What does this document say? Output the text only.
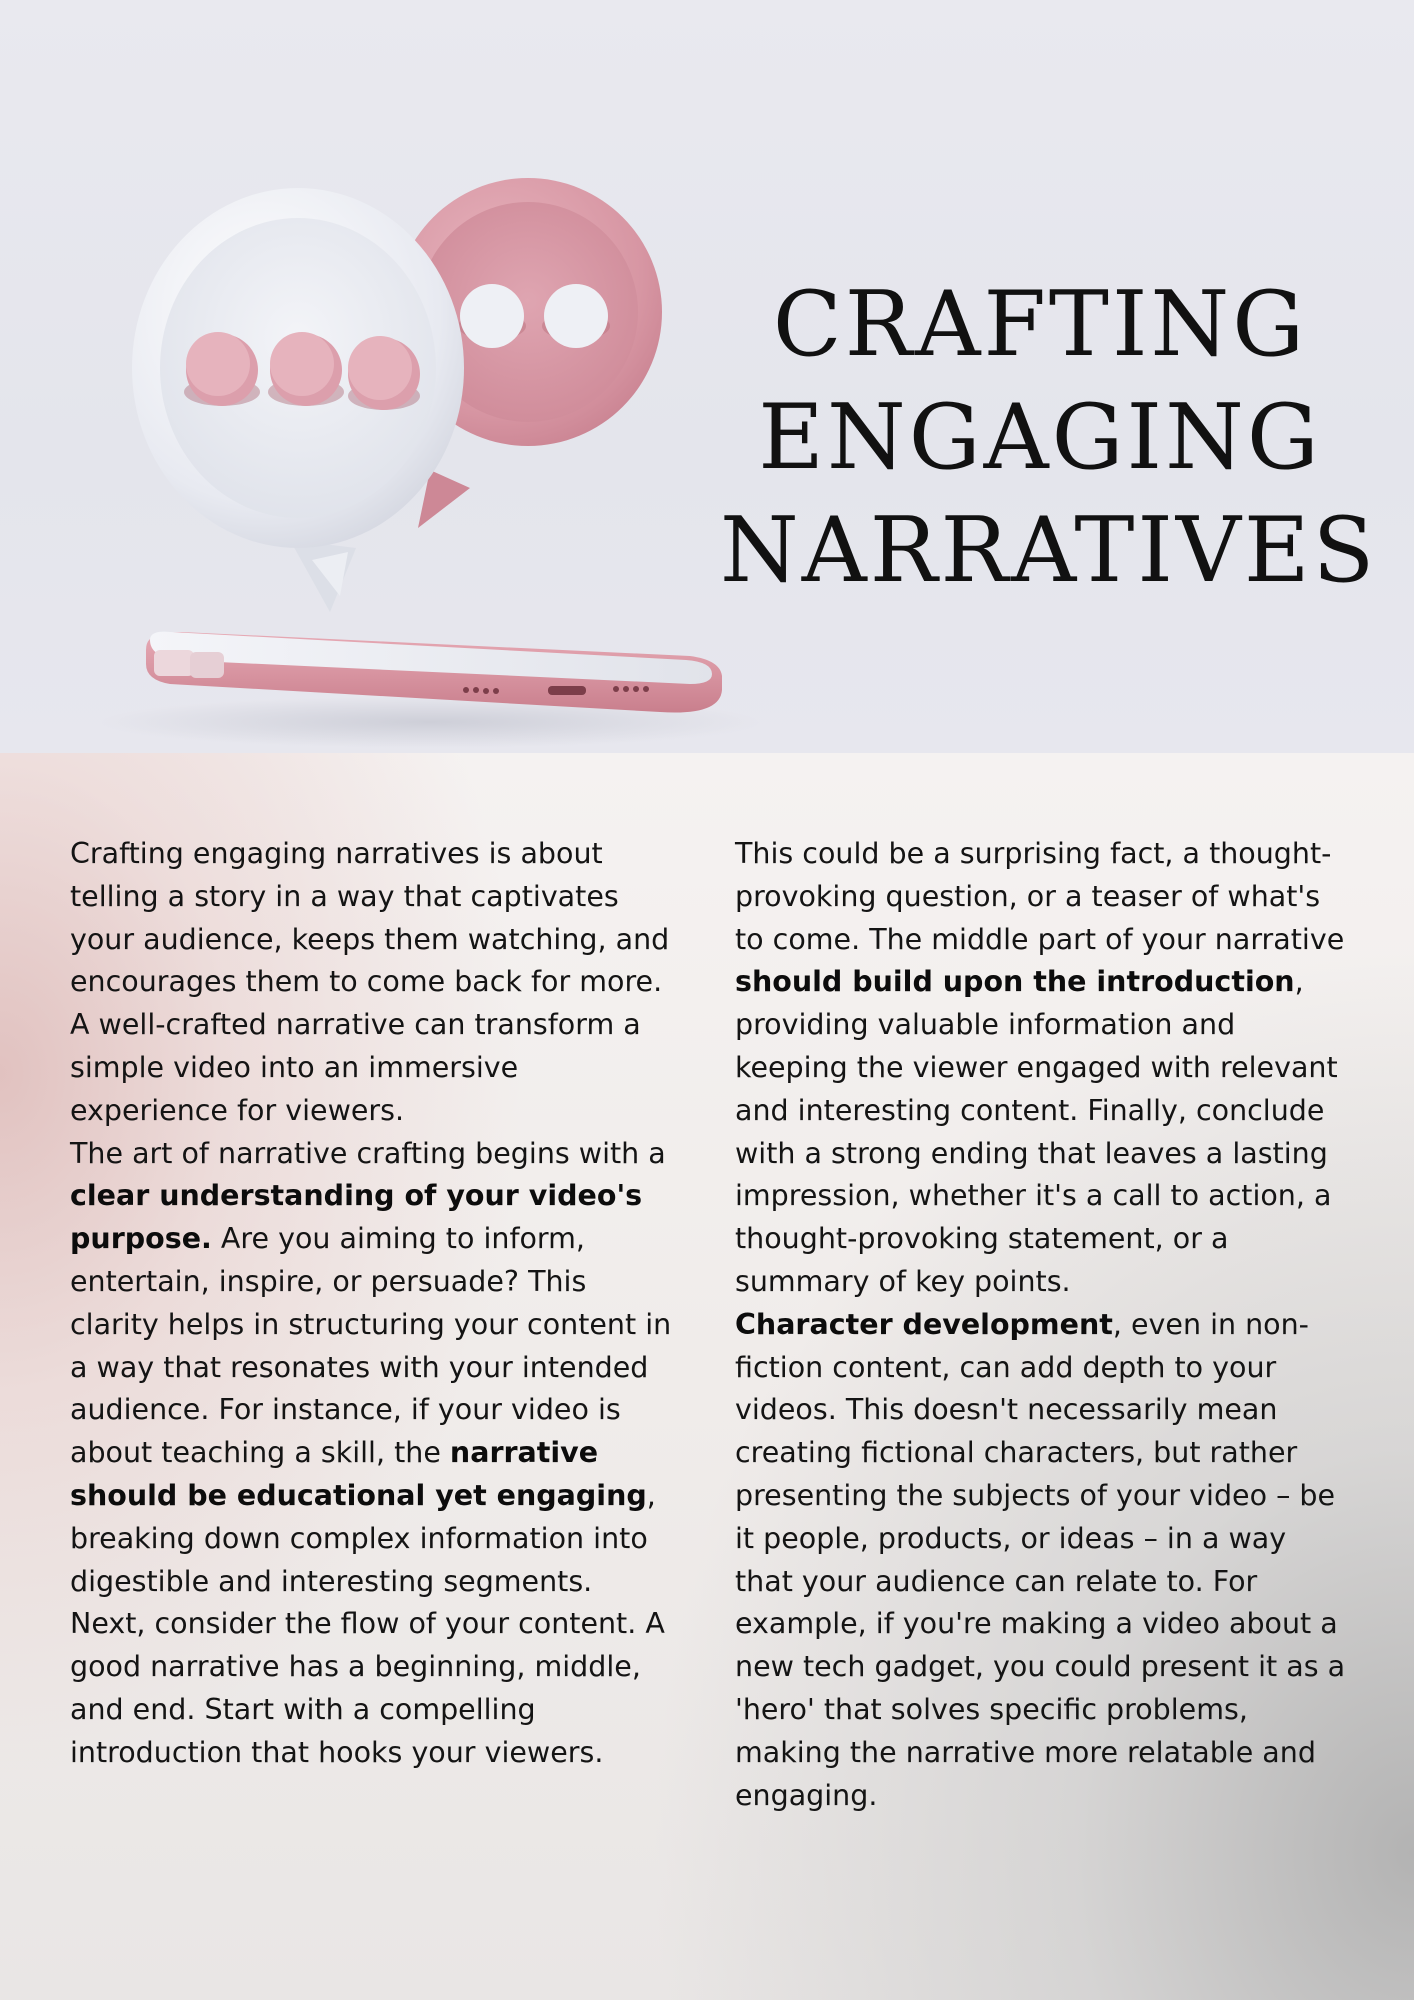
CRAFTING
ENGAGING
NARRATIVES

Crafting engaging narratives is about telling a story in a way that captivates your audience, keeps them watching, and encourages them to come back for more. A well-crafted narrative can transform a simple video into an immersive experience for viewers.

The art of narrative crafting begins with a clear understanding of your video's purpose. Are you aiming to inform, entertain, inspire, or persuade? This clarity helps in structuring your content in a way that resonates with your intended audience. For instance, if your video is about teaching a skill, the narrative should be educational yet engaging, breaking down complex information into digestible and interesting segments.

Next, consider the flow of your content. A good narrative has a beginning, middle, and end. Start with a compelling introduction that hooks your viewers.

This could be a surprising fact, a thought-provoking question, or a teaser of what's to come. The middle part of your narrative should build upon the introduction, providing valuable information and keeping the viewer engaged with relevant and interesting content. Finally, conclude with a strong ending that leaves a lasting impression, whether it's a call to action, a thought-provoking statement, or a summary of key points.

Character development, even in non-fiction content, can add depth to your videos. This doesn't necessarily mean creating fictional characters, but rather presenting the subjects of your video – be it people, products, or ideas – in a way that your audience can relate to. For example, if you're making a video about a new tech gadget, you could present it as a 'hero' that solves specific problems, making the narrative more relatable and engaging.
